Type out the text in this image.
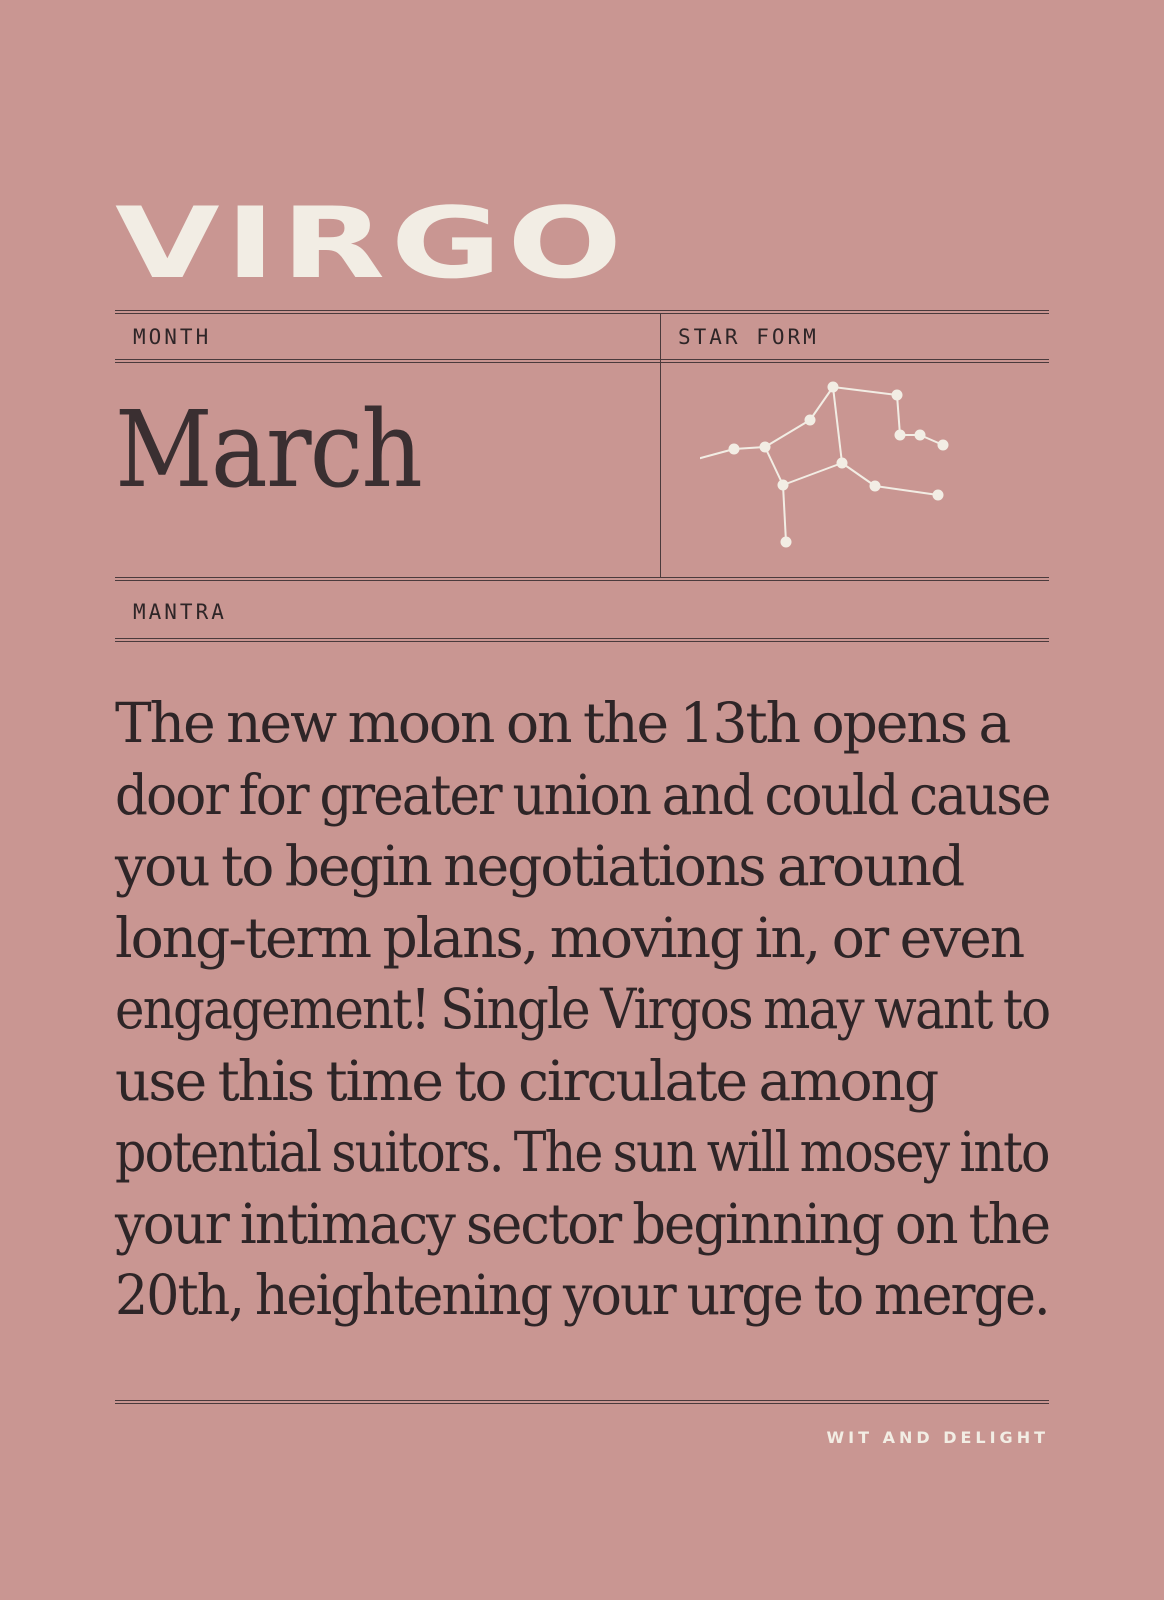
VIRGO
MONTH	STAR FORM
March
MANTRA

The new moon on the 13th opens a
door for greater union and could cause
you to begin negotiations around
long-term plans, moving in, or even
engagement! Single Virgos may want to
use this time to circulate among
potential suitors. The sun will mosey into
your intimacy sector beginning on the
20th, heightening your urge to merge.

WIT AND DELIGHT
